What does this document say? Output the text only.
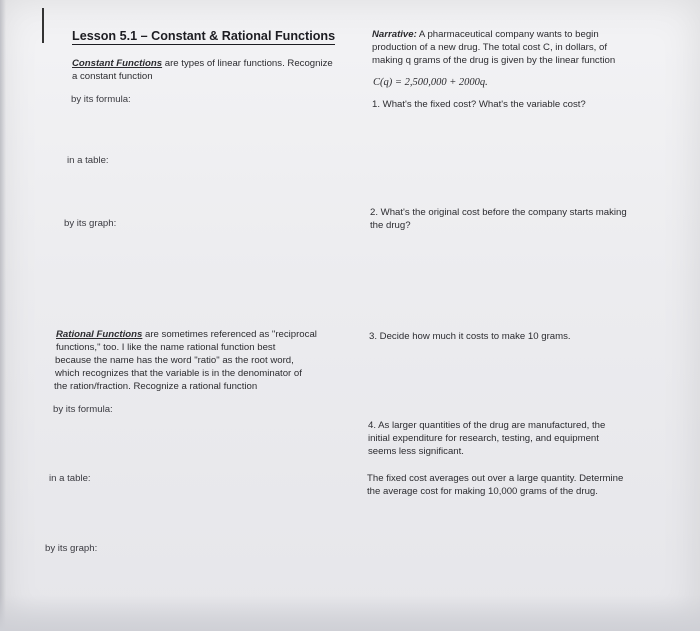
Lesson 5.1 – Constant & Rational Functions
Constant Functions are types of linear functions. Recognize
a constant function
by its formula:
in a table:
by its graph:
Rational Functions are sometimes referenced as "reciprocal
functions," too. I like the name rational function best
because the name has the word "ratio" as the root word,
which recognizes that the variable is in the denominator of
the ration/fraction. Recognize a rational function
by its formula:
in a table:
by its graph:
Narrative: A pharmaceutical company wants to begin
production of a new drug. The total cost C, in dollars, of
making q grams of the drug is given by the linear function
C(q) = 2,500,000 + 2000q.
1. What's the fixed cost? What's the variable cost?
2. What's the original cost before the company starts making
the drug?
3. Decide how much it costs to make 10 grams.
4. As larger quantities of the drug are manufactured, the
initial expenditure for research, testing, and equipment
seems less significant.
The fixed cost averages out over a large quantity. Determine
the average cost for making 10,000 grams of the drug.
